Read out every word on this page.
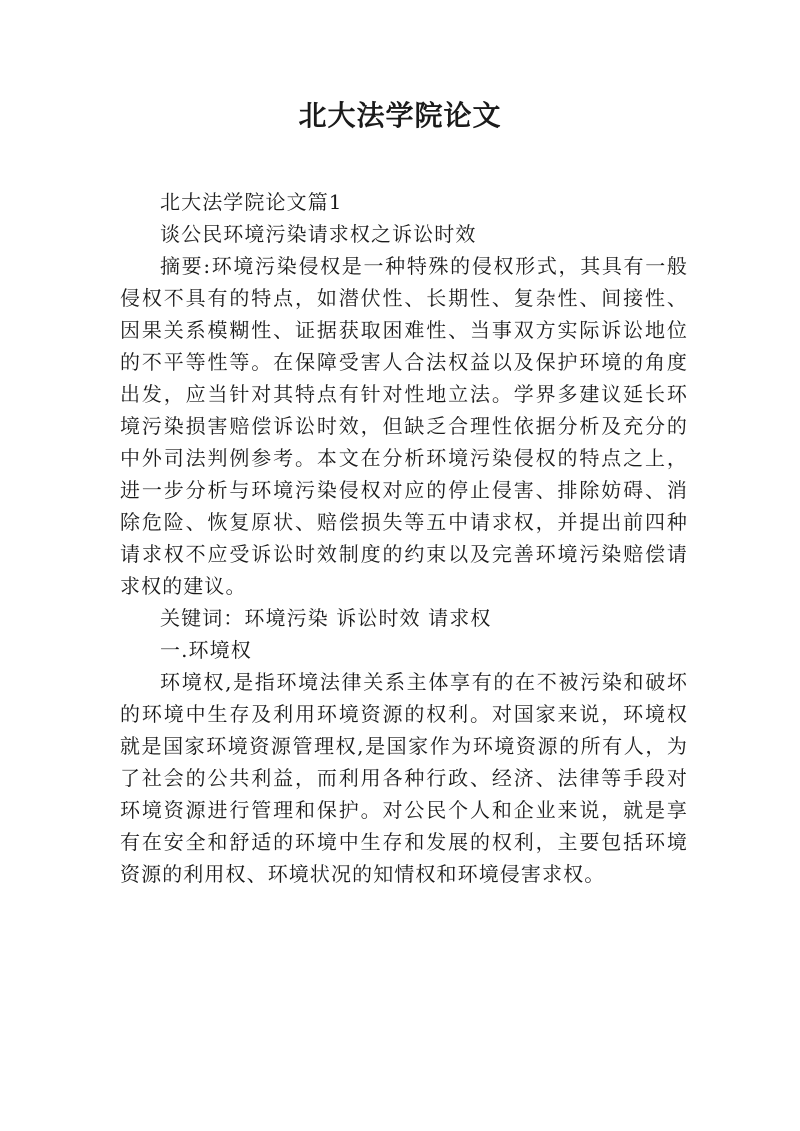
北大法学院论文

北大法学院论文篇1

谈公民环境污染请求权之诉讼时效

摘要:环境污染侵权是一种特殊的侵权形式，其具有一般侵权不具有的特点，如潜伏性、长期性、复杂性、间接性、因果关系模糊性、证据获取困难性、当事双方实际诉讼地位的不平等性等。在保障受害人合法权益以及保护环境的角度出发，应当针对其特点有针对性地立法。学界多建议延长环境污染损害赔偿诉讼时效，但缺乏合理性依据分析及充分的中外司法判例参考。本文在分析环境污染侵权的特点之上，进一步分析与环境污染侵权对应的停止侵害、排除妨碍、消除危险、恢复原状、赔偿损失等五中请求权，并提出前四种请求权不应受诉讼时效制度的约束以及完善环境污染赔偿请求权的建议。

关键词：环境污染 诉讼时效 请求权

一.环境权

环境权,是指环境法律关系主体享有的在不被污染和破坏的环境中生存及利用环境资源的权利。对国家来说，环境权就是国家环境资源管理权,是国家作为环境资源的所有人，为了社会的公共利益，而利用各种行政、经济、法律等手段对环境资源进行管理和保护。对公民个人和企业来说，就是享有在安全和舒适的环境中生存和发展的权利，主要包括环境资源的利用权、环境状况的知情权和环境侵害求权。
